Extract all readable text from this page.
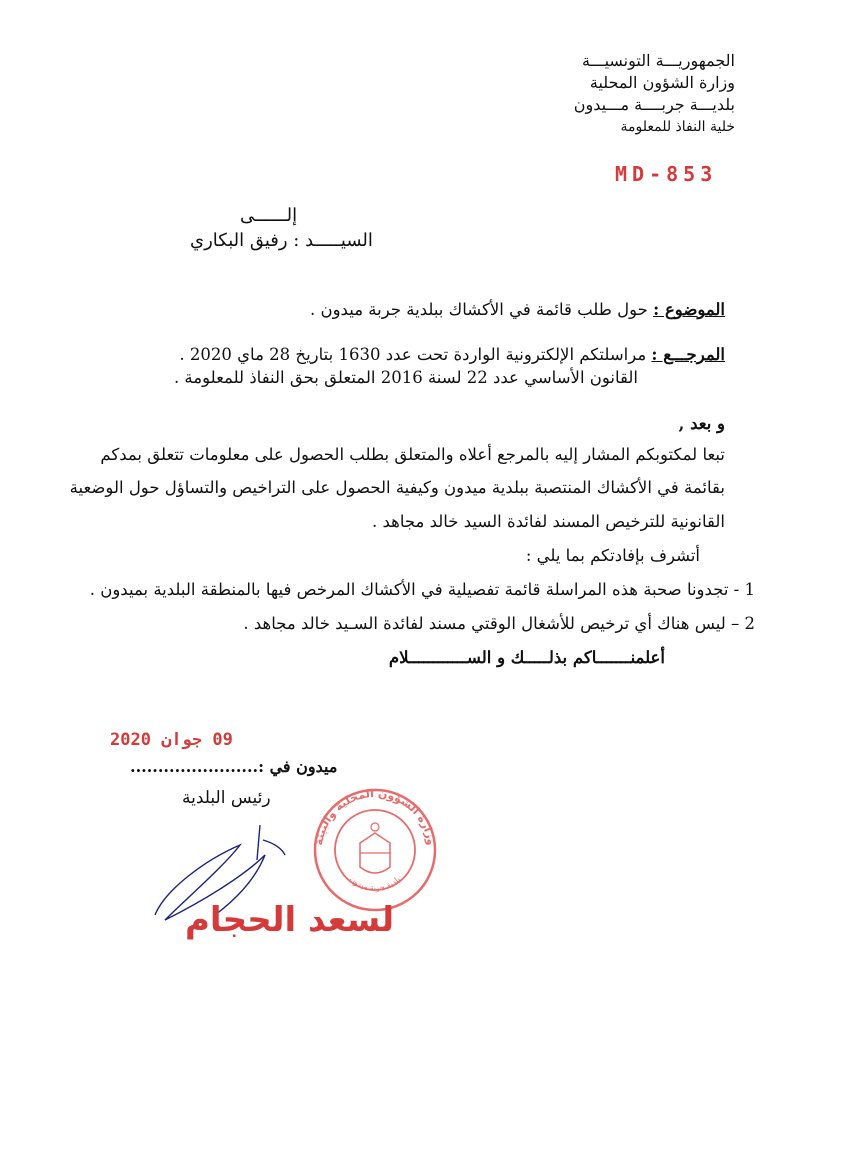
الجمهوريـــة التونسيـــة
وزارة الشؤون المحلية
بلديـــة جربــــة مـــيدون
خلية النفاذ للمعلومة
MD-853
إلــــــى
السيـــــد : رفيق البكاري
الموضوع : حول طلب قائمة في الأكشاك ببلدية جربة ميدون .
المرجـــع : مراسلتكم الإلكترونية الواردة تحت عدد 1630 بتاريخ 28 ماي 2020 .
القانون الأساسي عدد 22 لسنة 2016 المتعلق بحق النفاذ للمعلومة .
و بعد ,
تبعا لمكتوبكم المشار إليه بالمرجع أعلاه والمتعلق بطلب الحصول على معلومات تتعلق بمدكم
بقائمة في الأكشاك المنتصبة ببلدية ميدون وكيفية الحصول على التراخيص والتساؤل حول الوضعية
القانونية للترخيص المسند لفائدة السيد خالد مجاهد .
أتشرف بإفادتكم بما يلي :
1 - تجدونا صحبة هذه المراسلة قائمة تفصيلية في الأكشاك المرخص فيها بالمنطقة البلدية بميدون .
2 – ليس هناك أي ترخيص للأشغال الوقتي مسند لفائدة السـيد خالد مجاهد .
أعلمنـــــــاكم بذلـــــك و الســــــــــــلام
09 جوان 2020
ميدون في :.......................
رئيس البلدية
وزارة الشؤون المحلية والبيئة
بلدية جربة ميدون
لسعد الحجام
